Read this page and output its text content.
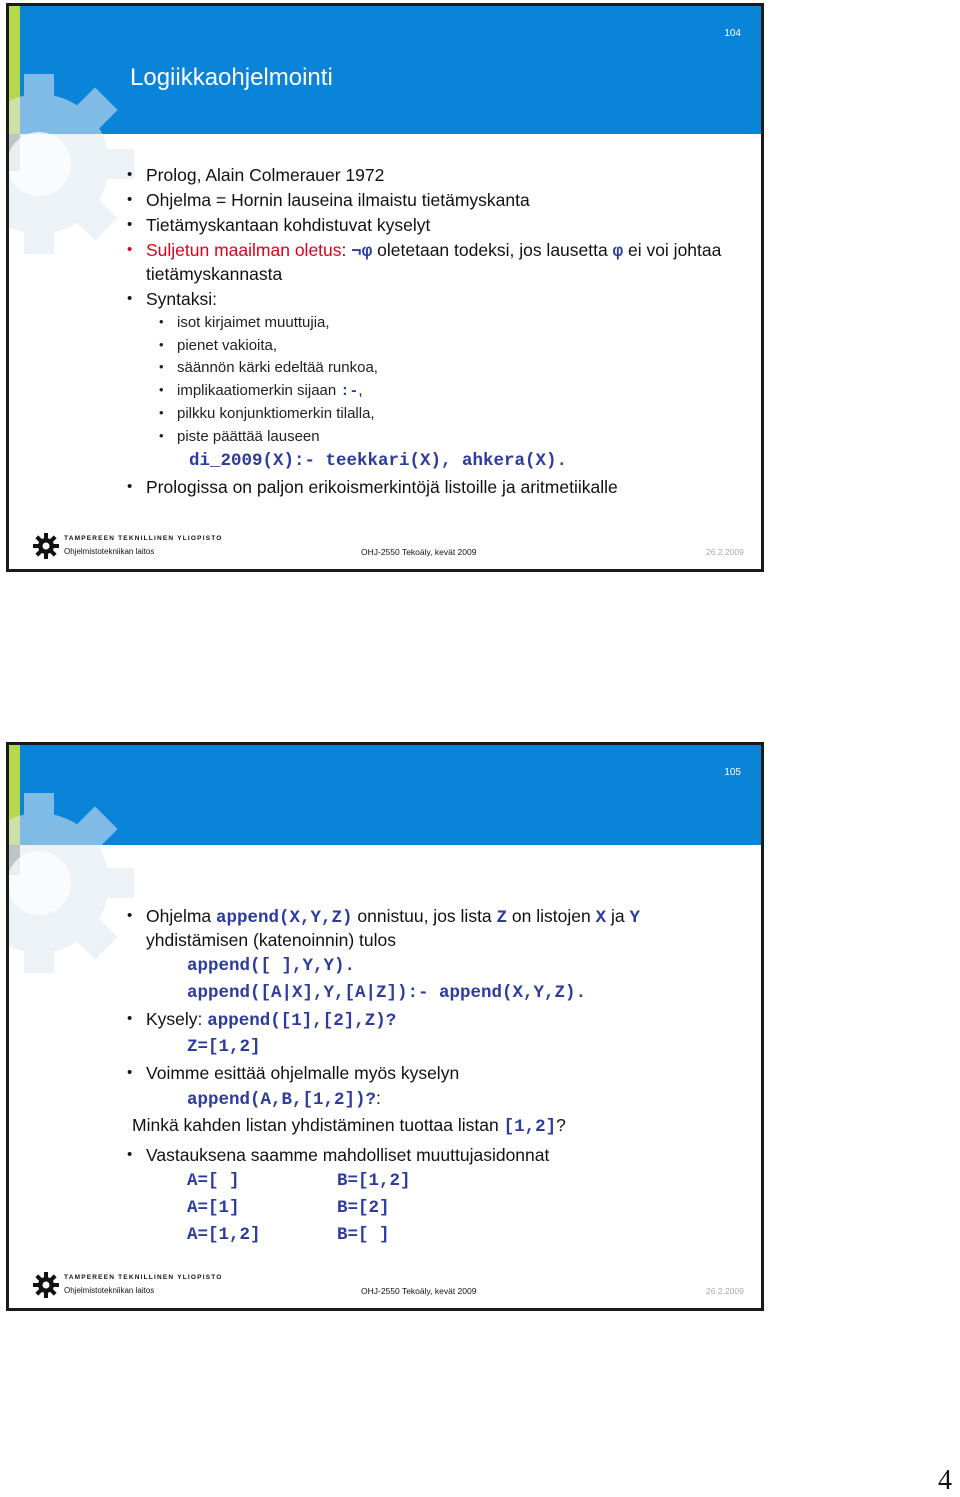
104
Logiikkaohjelmointi
• Prolog, Alain Colmerauer 1972
• Ohjelma = Hornin lauseina ilmaistu tietämyskanta
• Tietämyskantaan kohdistuvat kyselyt
• Suljetun maailman oletus: ¬φ oletetaan todeksi, jos lausetta φ ei voi johtaa tietämyskannasta
• Syntaksi:
• isot kirjaimet muuttujia,
• pienet vakioita,
• säännön kärki edeltää runkoa,
• implikaatiomerkin sijaan :-,
• pilkku konjunktiomerkin tilalla,
• piste päättää lauseen
di_2009(X):- teekkari(X), ahkera(X).
• Prologissa on paljon erikoismerkintöjä listoille ja aritmetiikalle
TAMPEREEN TEKNILLINEN YLIOPISTO
Ohjelmistotekniikan laitos	OHJ-2550 Tekoäly, kevät 2009	26.2.2009
105
• Ohjelma append(X,Y,Z) onnistuu, jos lista Z on listojen X ja Y yhdistämisen (katenoinnin) tulos
append([ ],Y,Y).
append([A|X],Y,[A|Z]):- append(X,Y,Z).
• Kysely: append([1],[2],Z)?
Z=[1,2]
• Voimme esittää ohjelmalle myös kyselyn
append(A,B,[1,2])?:
Minkä kahden listan yhdistäminen tuottaa listan [1,2]?
• Vastauksena saamme mahdolliset muuttujasidonnat
A=[ ]	B=[1,2]
A=[1]	B=[2]
A=[1,2]	B=[ ]
TAMPEREEN TEKNILLINEN YLIOPISTO
Ohjelmistotekniikan laitos	OHJ-2550 Tekoäly, kevät 2009	26.2.2009
4
